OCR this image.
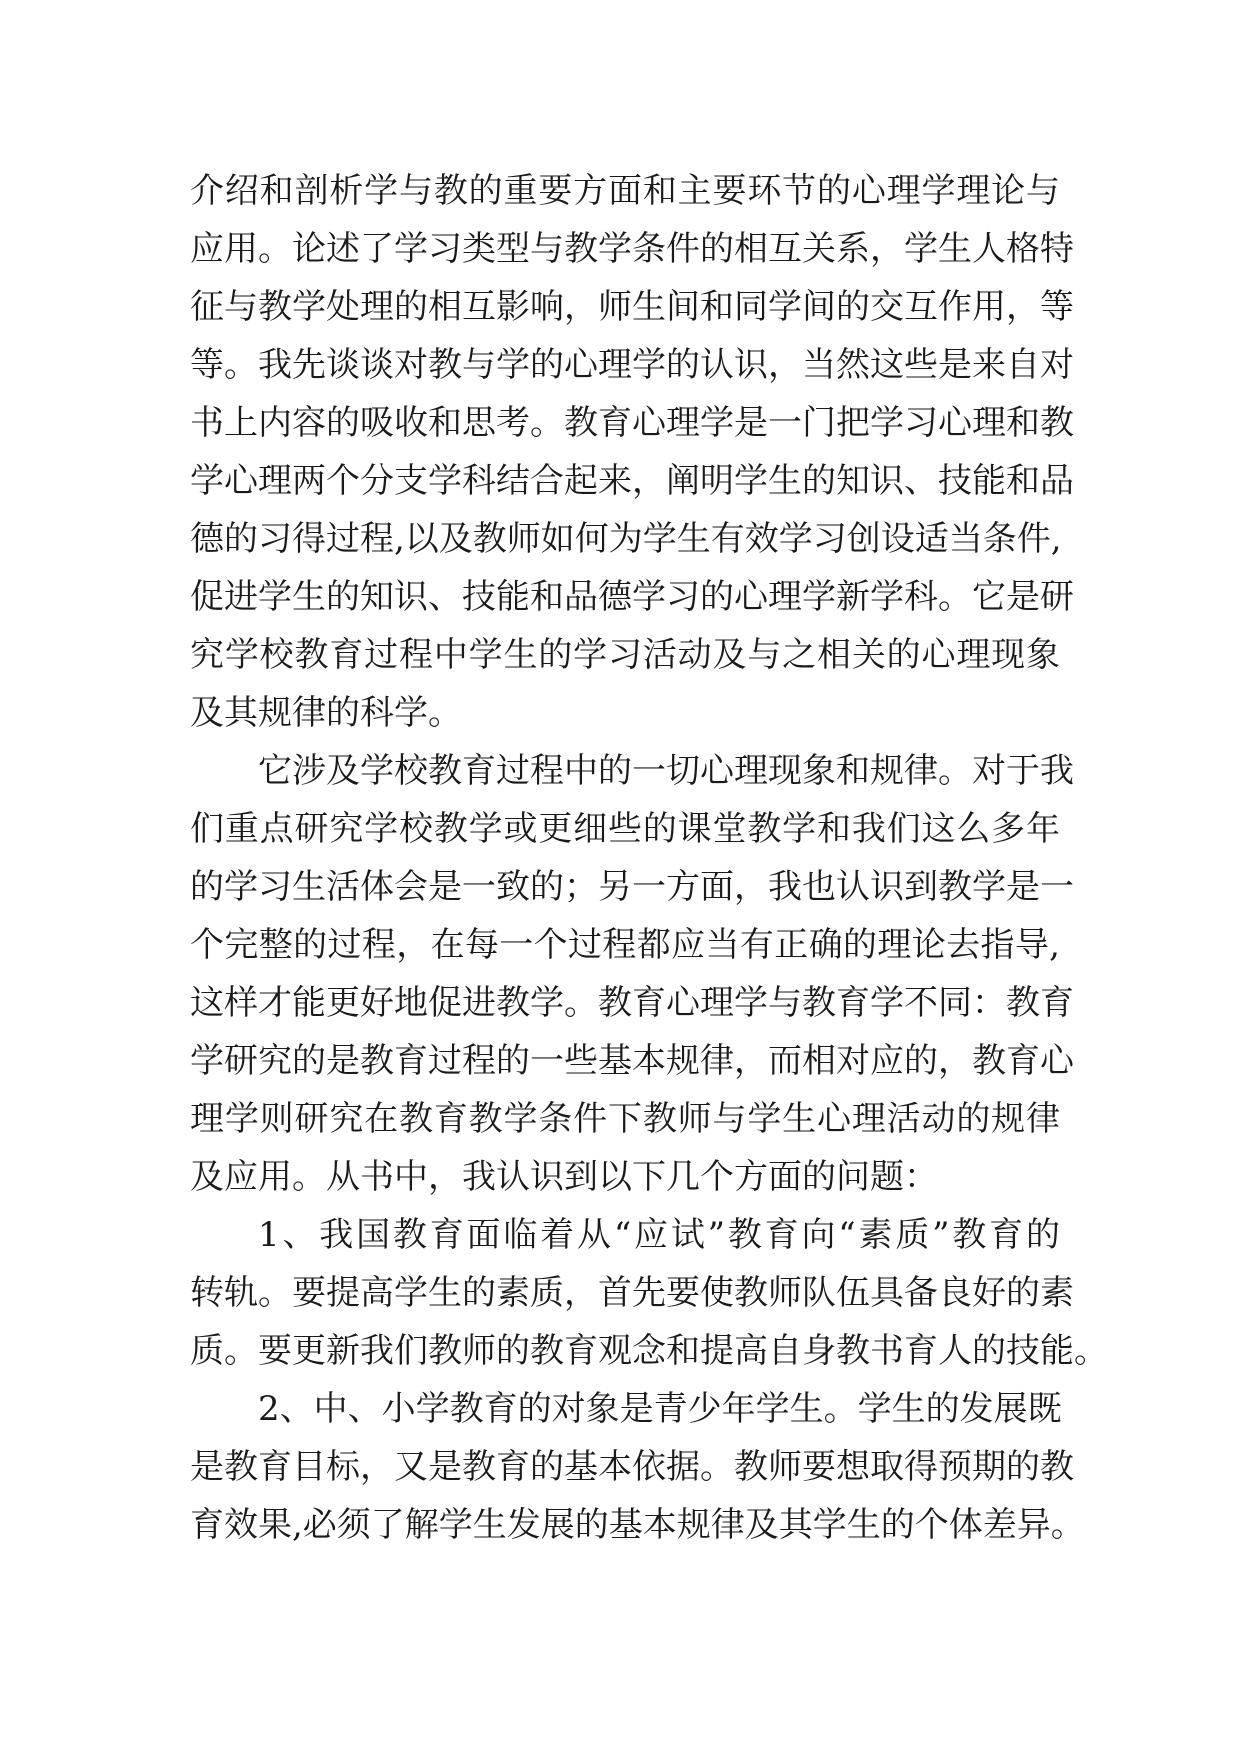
介绍和剖析学与教的重要方面和主要环节的心理学理论与
应用。论述了学习类型与教学条件的相互关系，学生人格特
征与教学处理的相互影响，师生间和同学间的交互作用，等
等。我先谈谈对教与学的心理学的认识，当然这些是来自对
书上内容的吸收和思考。教育心理学是一门把学习心理和教
学心理两个分支学科结合起来，阐明学生的知识、技能和品
德的习得过程,以及教师如何为学生有效学习创设适当条件,
促进学生的知识、技能和品德学习的心理学新学科。它是研
究学校教育过程中学生的学习活动及与之相关的心理现象
及其规律的科学。
它涉及学校教育过程中的一切心理现象和规律。对于我
们重点研究学校教学或更细些的课堂教学和我们这么多年
的学习生活体会是一致的；另一方面，我也认识到教学是一
个完整的过程，在每一个过程都应当有正确的理论去指导,
这样才能更好地促进教学。教育心理学与教育学不同：教育
学研究的是教育过程的一些基本规律，而相对应的，教育心
理学则研究在教育教学条件下教师与学生心理活动的规律
及应用。从书中，我认识到以下几个方面的问题：
1、我国教育面临着从“应试”教育向“素质”教育的
转轨。要提高学生的素质，首先要使教师队伍具备良好的素
质。要更新我们教师的教育观念和提高自身教书育人的技能。
2、中、小学教育的对象是青少年学生。学生的发展既
是教育目标，又是教育的基本依据。教师要想取得预期的教
育效果,必须了解学生发展的基本规律及其学生的个体差异。
